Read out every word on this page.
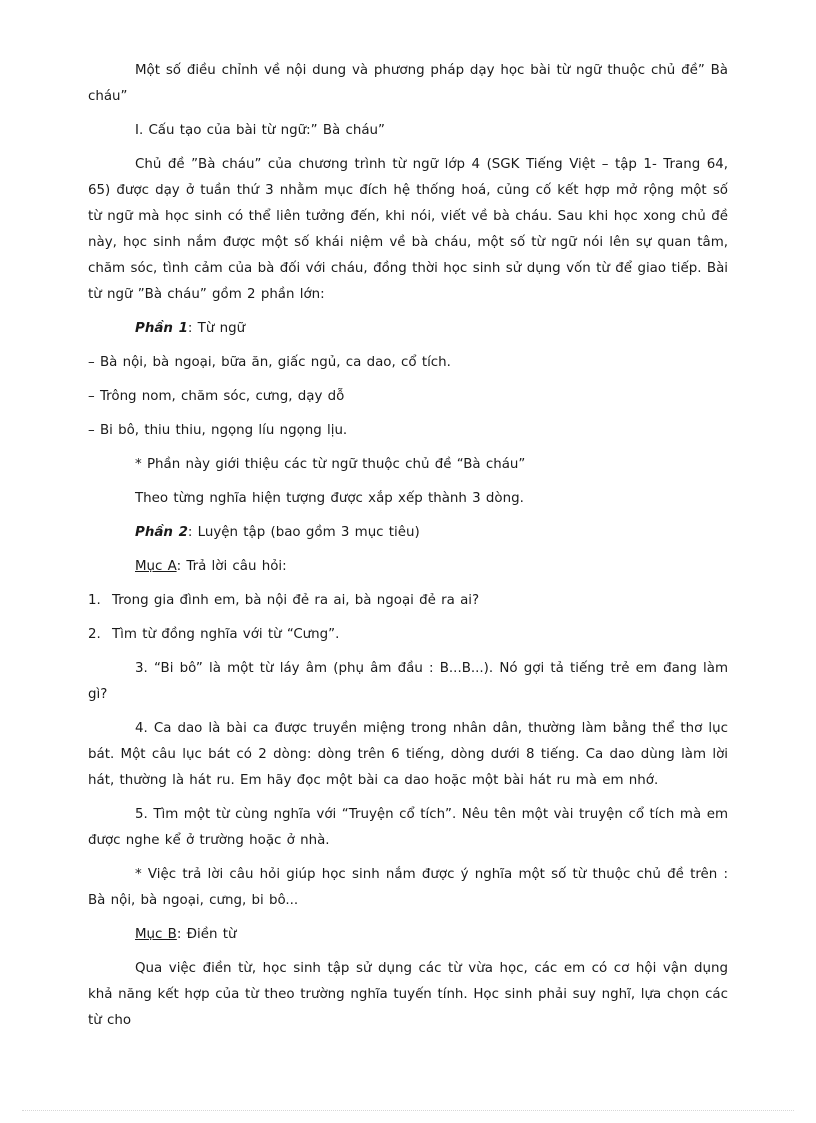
Một số điều chỉnh về nội dung và phương pháp dạy học bài từ ngữ thuộc chủ đề” Bà cháu”

I. Cấu tạo của bài từ ngữ:” Bà cháu”

Chủ đề ”Bà cháu” của chương trình từ ngữ lớp 4 (SGK Tiếng Việt – tập 1- Trang 64, 65) được dạy ở tuần thứ 3 nhằm mục đích hệ thống hoá, củng cố kết hợp mở rộng một số từ ngữ mà học sinh có thể liên tưởng đến, khi nói, viết về bà cháu. Sau khi học xong chủ đề này, học sinh nắm được một số khái niệm về bà cháu, một số từ ngữ nói lên sự quan tâm, chăm sóc, tình cảm của bà đối với cháu, đồng thời học sinh sử dụng vốn từ để giao tiếp. Bài từ ngữ ”Bà cháu” gồm 2 phần lớn:

Phần 1: Từ ngữ

– Bà nội, bà ngoại, bữa ăn, giấc ngủ, ca dao, cổ tích.

– Trông nom, chăm sóc, cưng, dạy dỗ

– Bi bô, thiu thiu, ngọng líu ngọng lịu.

* Phần này giới thiệu các từ ngữ thuộc chủ đề “Bà cháu”

Theo từng nghĩa hiện tượng được xắp xếp thành 3 dòng.

Phần 2: Luyện tập (bao gồm 3 mục tiêu)

Mục A: Trả lời câu hỏi:

1. Trong gia đình em, bà nội đẻ ra ai, bà ngoại đẻ ra ai?

2. Tìm từ đồng nghĩa với từ “Cưng”.

3. “Bi bô” là một từ láy âm (phụ âm đầu : B...B...). Nó gợi tả tiếng trẻ em đang làm gì?

4. Ca dao là bài ca được truyền miệng trong nhân dân, thường làm bằng thể thơ lục bát. Một câu lục bát có 2 dòng: dòng trên 6 tiếng, dòng dưới 8 tiếng. Ca dao dùng làm lời hát, thường là hát ru. Em hãy đọc một bài ca dao hoặc một bài hát ru mà em nhớ.

5. Tìm một từ cùng nghĩa với “Truyện cổ tích”. Nêu tên một vài truyện cổ tích mà em được nghe kể ở trường hoặc ở nhà.

* Việc trả lời câu hỏi giúp học sinh nắm được ý nghĩa một số từ thuộc chủ đề trên : Bà nội, bà ngoại, cưng, bi bô...

Mục B: Điền từ

Qua việc điền từ, học sinh tập sử dụng các từ vừa học, các em có cơ hội vận dụng khả năng kết hợp của từ theo trường nghĩa tuyến tính. Học sinh phải suy nghĩ, lựa chọn các từ cho
